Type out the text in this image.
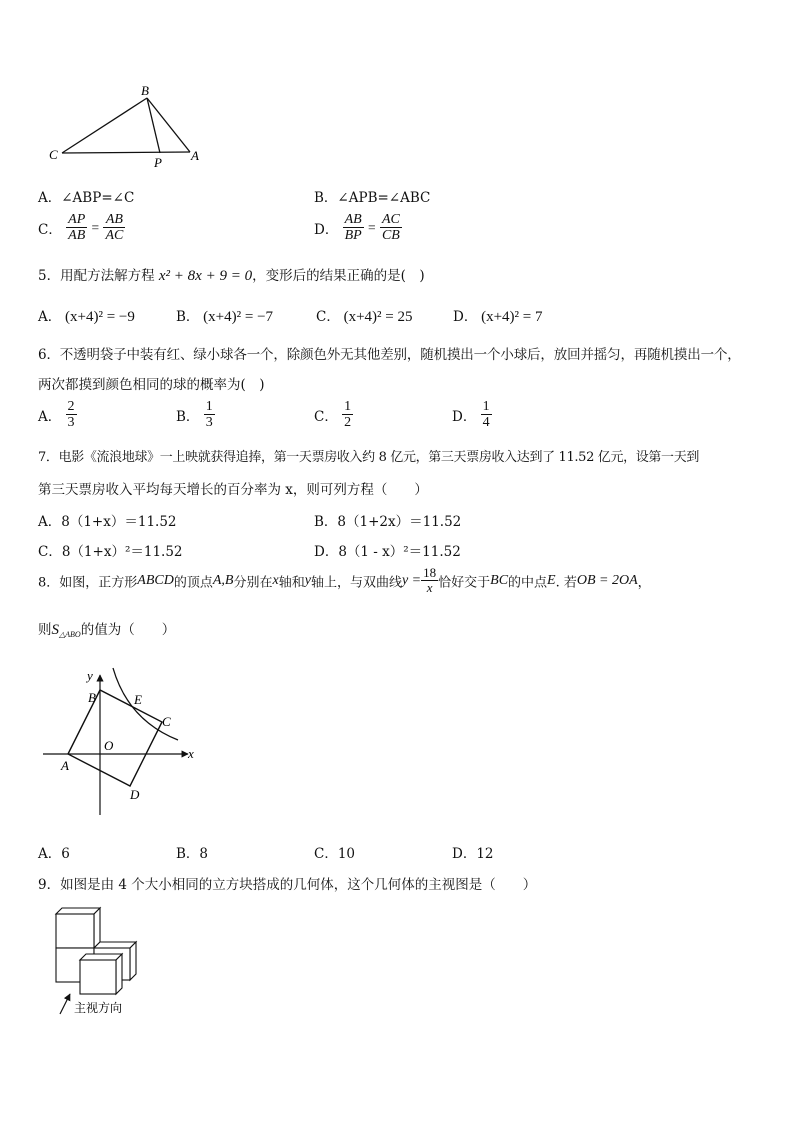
B
C
P A
A．∠ABP=∠C	B．∠APB=∠ABC
C． $\frac{AP}{AB} = \frac{AB}{AC}$	D． $\frac{AB}{BP} = \frac{AC}{CB}$
5．用配方法解方程 x² + 8x + 9 = 0，变形后的结果正确的是(　)
A． (x+4)² = −9	B． (x+4)² = −7	C． (x+4)² = 25	D． (x+4)² = 7
6．不透明袋子中装有红、绿小球各一个，除颜色外无其他差别，随机摸出一个小球后，放回并摇匀，再随机摸出一个，
两次都摸到颜色相同的球的概率为(　)
A． $\frac{2}{3}$	B． $\frac{1}{3}$	C． $\frac{1}{2}$	D． $\frac{1}{4}$
7．电影《流浪地球》一上映就获得追捧，第一天票房收入约 8 亿元，第三天票房收入达到了 11.52 亿元，设第一天到
第三天票房收入平均每天增长的百分率为 x，则可列方程（　　）
A．8（1+x）＝11.52	B．8（1+2x）＝11.52
C．8（1+x）²＝11.52	D．8（1 - x）²＝11.52
8．如图，正方形ABCD的顶点A,B分别在x轴和y轴上，与双曲线$y = \frac{18}{x}$ 恰好交于BC的中点E. 若OB = 2OA，
则$S_{\triangle ABO}$的值为（　　）
y
B	E
C
O
A
x
D
A．6	B．8	C．10	D．12
9．如图是由 4 个大小相同的立方块搭成的几何体，这个几何体的主视图是（　　）
主视方向
